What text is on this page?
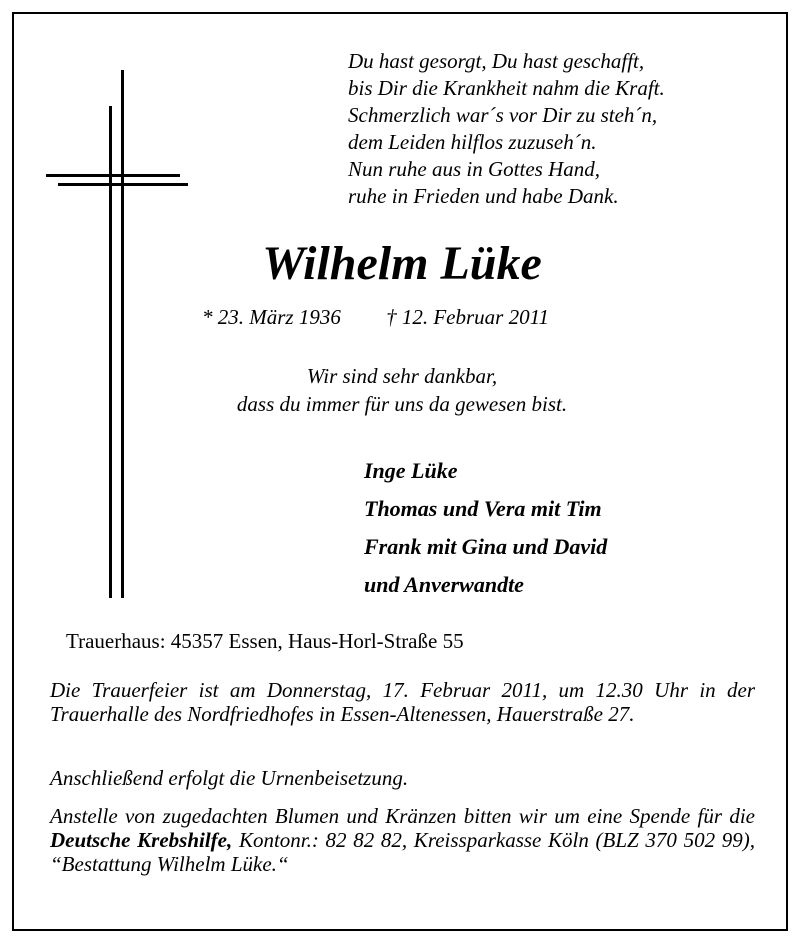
Du hast gesorgt, Du hast geschafft,
bis Dir die Krankheit nahm die Kraft.
Schmerzlich war´s vor Dir zu steh´n,
dem Leiden hilflos zuzuseh´n.
Nun ruhe aus in Gottes Hand,
ruhe in Frieden und habe Dank.
Wilhelm Lüke
* 23. März 1936 † 12. Februar 2011
Wir sind sehr dankbar,
dass du immer für uns da gewesen bist.
Inge Lüke
Thomas und Vera mit Tim
Frank mit Gina und David
und Anverwandte
Trauerhaus: 45357 Essen, Haus-Horl-Straße 55
Die Trauerfeier ist am Donnerstag, 17. Februar 2011, um 12.30 Uhr in der Trauerhalle des Nordfriedhofes in Essen-Altenessen, Hauerstraße 27.
Anschließend erfolgt die Urnenbeisetzung.
Anstelle von zugedachten Blumen und Kränzen bitten wir um eine Spende für die Deutsche Krebshilfe, Kontonr.: 82 82 82, Kreissparkasse Köln (BLZ 370 502 99), “Bestattung Wilhelm Lüke.“
